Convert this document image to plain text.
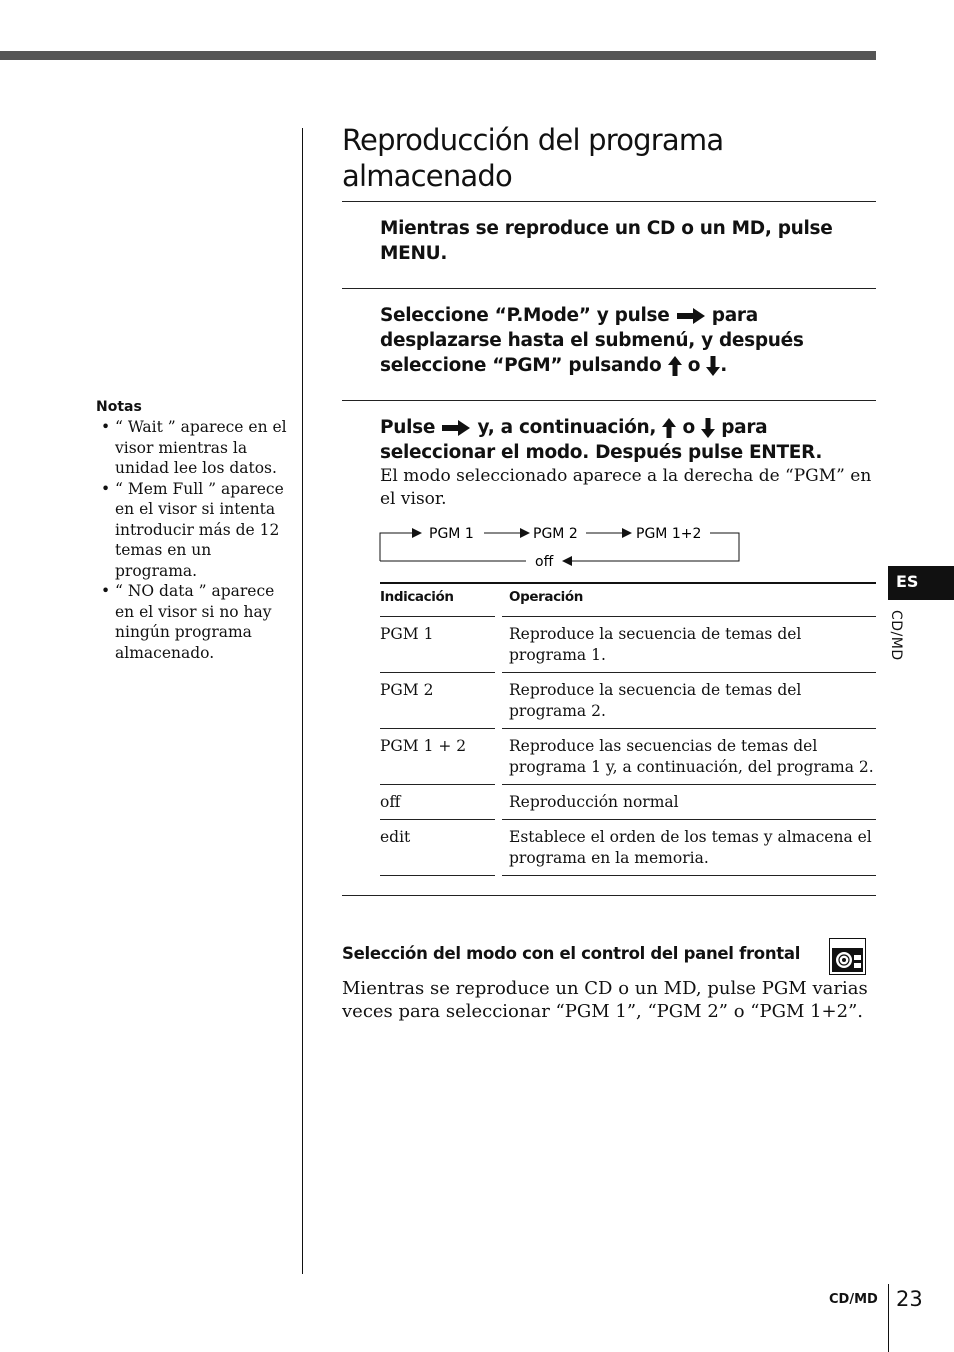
Reproducción del programa almacenado

Notas

• “ Wait ” aparece en el visor mientras la unidad lee los datos.
• “ Mem Full ” aparece en el visor si intenta introducir más de 12 temas en un programa.
• “ NO data ” aparece en el visor si no hay ningún programa almacenado.
Mientras se reproduce un CD o un MD, pulse MENU.
Seleccione “P.Mode” y pulse para desplazarse hasta el submenú, y después seleccione “PGM” pulsando o .
Pulse y, a continuación, o para seleccionar el modo. Después pulse ENTER.
El modo seleccionado aparece a la derecha de “PGM” en el visor.
PGM 1	PGM 2	PGM 1+2
off
Indicación		Operación
PGM 1		Reproduce la secuencia de temas del programa 1.
PGM 2		Reproduce la secuencia de temas del programa 2.
PGM 1 + 2		Reproduce las secuencias de temas del programa 1 y, a continuación, del programa 2.
off		Reproducción normal
edit		Establece el orden de los temas y almacena el programa en la memoria.
Selección del modo con el control del panel frontal
Mientras se reproduce un CD o un MD, pulse PGM varias veces para seleccionar “PGM 1”, “PGM 2” o “PGM 1+2”.
ES
CD/MD
CD/MD 23
